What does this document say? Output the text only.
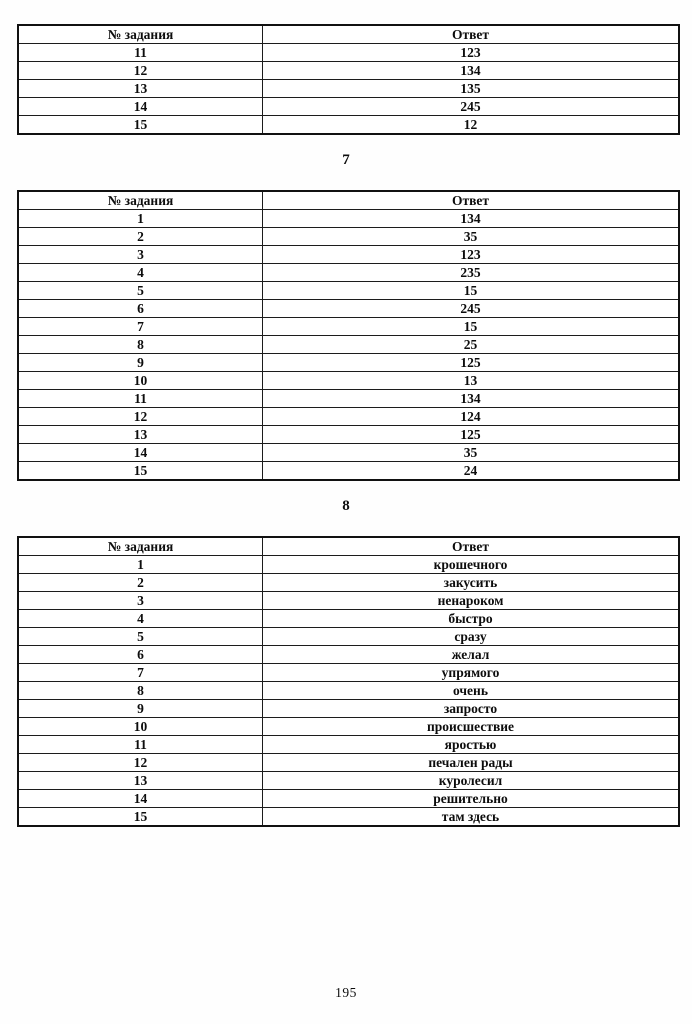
№ задания	Ответ
11	123
12	134
13	135
14	245
15	12
7
№ задания	Ответ
1	134
2	35
3	123
4	235
5	15
6	245
7	15
8	25
9	125
10	13
11	134
12	124
13	125
14	35
15	24
8
№ задания	Ответ
1	крошечного
2	закусить
3	ненароком
4	быстро
5	сразу
6	желал
7	упрямого
8	очень
9	запросто
10	происшествие
11	яростью
12	печален рады
13	куролесил
14	решительно
15	там здесь
195
